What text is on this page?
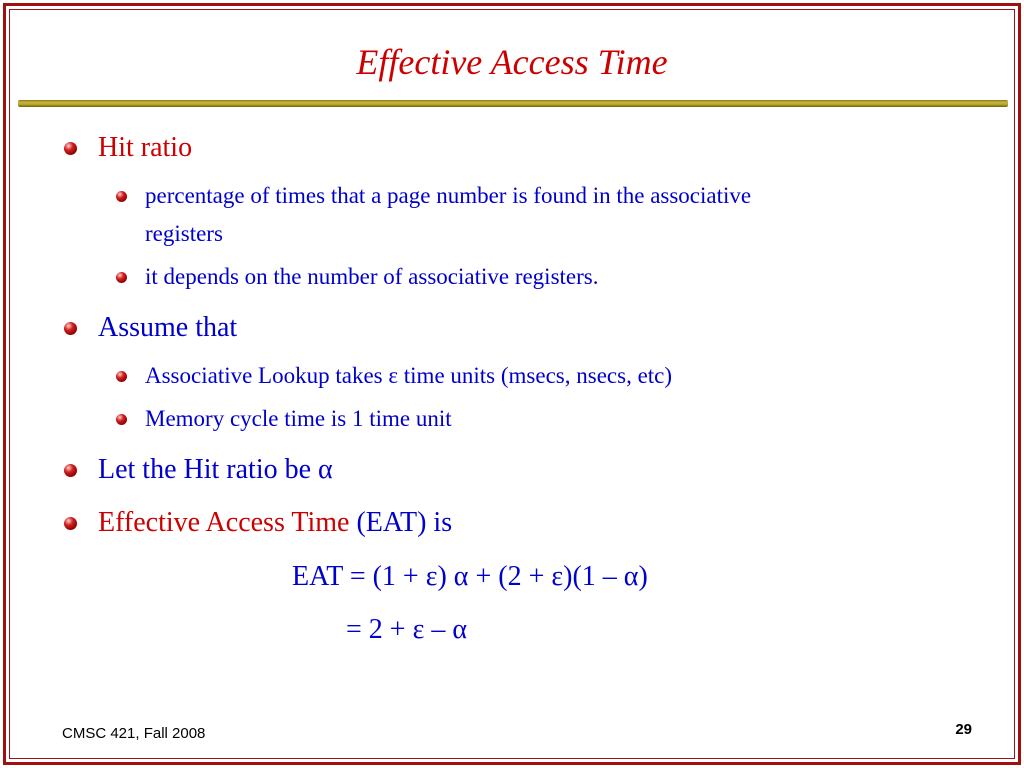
Effective Access Time
Hit ratio
percentage of times that a page number is found in the associative
registers
it depends on the number of associative registers.
Assume that
Associative Lookup takes ε time units (msecs, nsecs, etc)
Memory cycle time is 1 time unit
Let the Hit ratio be α
Effective Access Time (EAT) is
EAT = (1 + ε) α + (2 + ε)(1 – α)
= 2 + ε – α
CMSC 421, Fall 2008	29
